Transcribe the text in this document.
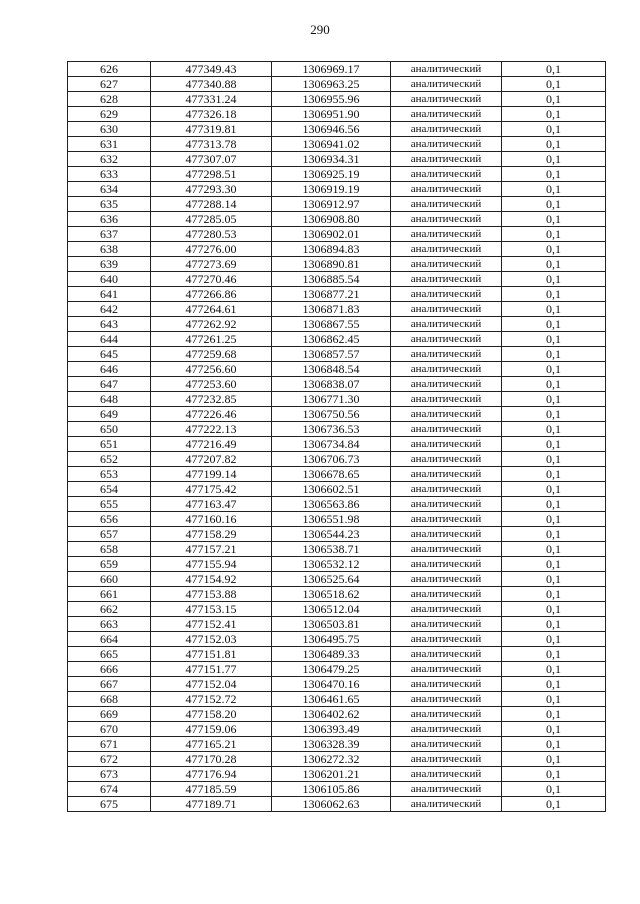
290
626	477349.43	1306969.17	аналитический	0,1
627	477340.88	1306963.25	аналитический	0,1
628	477331.24	1306955.96	аналитический	0,1
629	477326.18	1306951.90	аналитический	0,1
630	477319.81	1306946.56	аналитический	0,1
631	477313.78	1306941.02	аналитический	0,1
632	477307.07	1306934.31	аналитический	0,1
633	477298.51	1306925.19	аналитический	0,1
634	477293.30	1306919.19	аналитический	0,1
635	477288.14	1306912.97	аналитический	0,1
636	477285.05	1306908.80	аналитический	0,1
637	477280.53	1306902.01	аналитический	0,1
638	477276.00	1306894.83	аналитический	0,1
639	477273.69	1306890.81	аналитический	0,1
640	477270.46	1306885.54	аналитический	0,1
641	477266.86	1306877.21	аналитический	0,1
642	477264.61	1306871.83	аналитический	0,1
643	477262.92	1306867.55	аналитический	0,1
644	477261.25	1306862.45	аналитический	0,1
645	477259.68	1306857.57	аналитический	0,1
646	477256.60	1306848.54	аналитический	0,1
647	477253.60	1306838.07	аналитический	0,1
648	477232.85	1306771.30	аналитический	0,1
649	477226.46	1306750.56	аналитический	0,1
650	477222.13	1306736.53	аналитический	0,1
651	477216.49	1306734.84	аналитический	0,1
652	477207.82	1306706.73	аналитический	0,1
653	477199.14	1306678.65	аналитический	0,1
654	477175.42	1306602.51	аналитический	0,1
655	477163.47	1306563.86	аналитический	0,1
656	477160.16	1306551.98	аналитический	0,1
657	477158.29	1306544.23	аналитический	0,1
658	477157.21	1306538.71	аналитический	0,1
659	477155.94	1306532.12	аналитический	0,1
660	477154.92	1306525.64	аналитический	0,1
661	477153.88	1306518.62	аналитический	0,1
662	477153.15	1306512.04	аналитический	0,1
663	477152.41	1306503.81	аналитический	0,1
664	477152.03	1306495.75	аналитический	0,1
665	477151.81	1306489.33	аналитический	0,1
666	477151.77	1306479.25	аналитический	0,1
667	477152.04	1306470.16	аналитический	0,1
668	477152.72	1306461.65	аналитический	0,1
669	477158.20	1306402.62	аналитический	0,1
670	477159.06	1306393.49	аналитический	0,1
671	477165.21	1306328.39	аналитический	0,1
672	477170.28	1306272.32	аналитический	0,1
673	477176.94	1306201.21	аналитический	0,1
674	477185.59	1306105.86	аналитический	0,1
675	477189.71	1306062.63	аналитический	0,1
